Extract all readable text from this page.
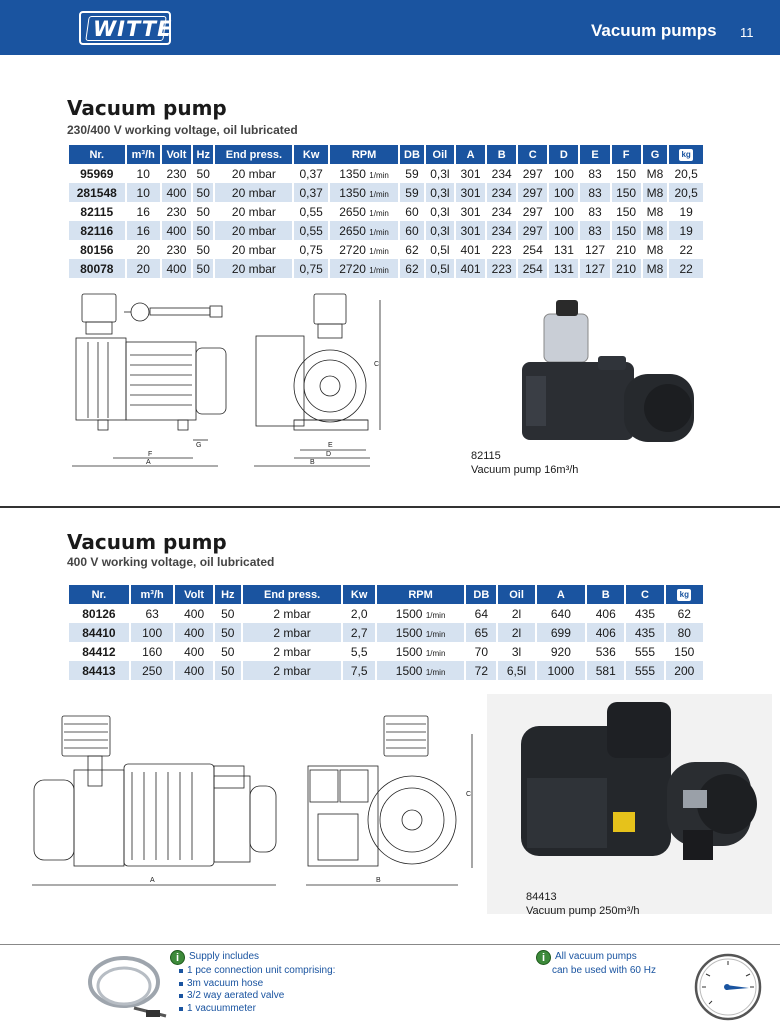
WITTE	Vacuum pumps 11
Vacuum pump
230/400 V working voltage, oil lubricated
Nr.	m³/h	Volt	Hz	End press.	Kw	RPM	DB	Oil	A	B	C	D	E	F	G	kg
95969	10	230	50	20 mbar	0,37	1350 1/min	59	0,3l	301	234	297	100	83	150	M8	20,5
281548	10	400	50	20 mbar	0,37	1350 1/min	59	0,3l	301	234	297	100	83	150	M8	20,5
82115	16	230	50	20 mbar	0,55	2650 1/min	60	0,3l	301	234	297	100	83	150	M8	19
82116	16	400	50	20 mbar	0,55	2650 1/min	60	0,3l	301	234	297	100	83	150	M8	19
80156	20	230	50	20 mbar	0,75	2720 1/min	62	0,5l	401	223	254	131	127	210	M8	22
80078	20	400	50	20 mbar	0,75	2720 1/min	62	0,5l	401	223	254	131	127	210	M8	22
F
G
A
C
E
D
B
82115
Vacuum pump 16m³/h
Vacuum pump
400 V working voltage, oil lubricated
Nr.	m³/h	Volt	Hz	End press.	Kw	RPM	DB	Oil	A	B	C	kg
80126	63	400	50	2 mbar	2,0	1500 1/min	64	2l	640	406	435	62
84410	100	400	50	2 mbar	2,7	1500 1/min	65	2l	699	406	435	80
84412	160	400	50	2 mbar	5,5	1500 1/min	70	3l	920	536	555	150
84413	250	400	50	2 mbar	7,5	1500 1/min	72	6,5l	1000	581	555	200
A
C
B
84413
Vacuum pump 250m³/h
i Supply includes
1 pce connection unit comprising:
3m vacuum hose
3/2 way aerated valve
1 vacuummeter
i All vacuum pumps
can be used with 60 Hz
